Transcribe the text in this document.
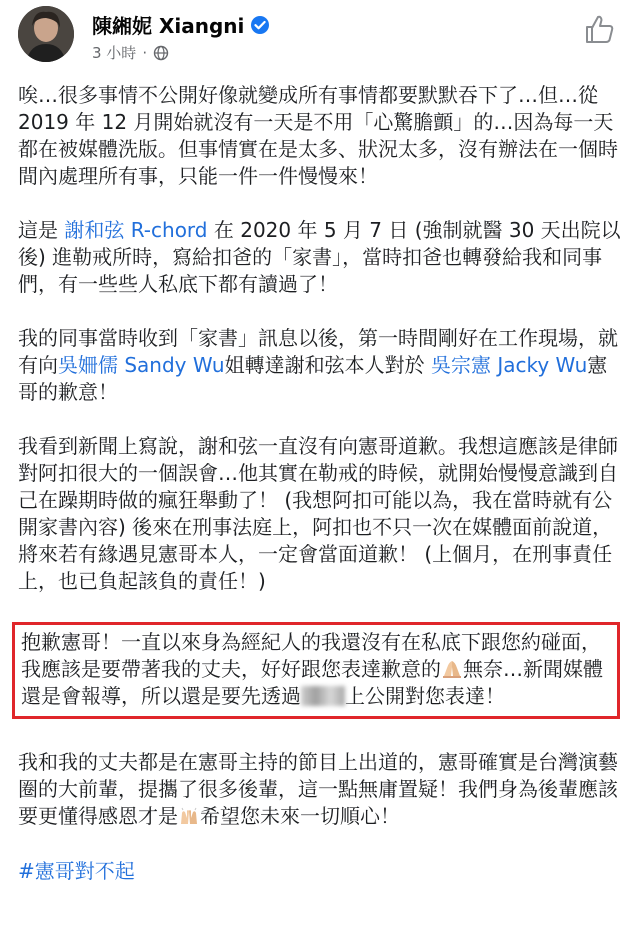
陳緗妮 Xiangni
3 小時 ·

唉…很多事情不公開好像就變成所有事情都要默默吞下了…但…從 2019 年 12 月開始就沒有一天是不用「心驚膽顫」的…因為每一天都在被媒體洗版。但事情實在是太多、狀況太多，沒有辦法在一個時間內處理所有事，只能一件一件慢慢來！

這是 謝和弦 R-chord 在 2020 年 5 月 7 日 (強制就醫 30 天出院以後) 進勒戒所時，寫給扣爸的「家書」，當時扣爸也轉發給我和同事們，有一些些人私底下都有讀過了！

我的同事當時收到「家書」訊息以後，第一時間剛好在工作現場，就有向吳姍儒 Sandy Wu姐轉達謝和弦本人對於 吳宗憲 Jacky Wu憲哥的歉意！

我看到新聞上寫說，謝和弦一直沒有向憲哥道歉。我想這應該是律師對阿扣很大的一個誤會…他其實在勒戒的時候，就開始慢慢意識到自己在躁期時做的瘋狂舉動了！ (我想阿扣可能以為，我在當時就有公開家書內容) 後來在刑事法庭上，阿扣也不只一次在媒體面前說道，將來若有緣遇見憲哥本人，一定會當面道歉！ (上個月，在刑事責任上，也已負起該負的責任！)

抱歉憲哥！一直以來身為經紀人的我還沒有在私底下跟您約碰面，我應該是要帶著我的丈夫，好好跟您表達歉意的 無奈…新聞媒體還是會報導，所以還是要先透過 上公開對您表達！

我和我的丈夫都是在憲哥主持的節目上出道的，憲哥確實是台灣演藝圈的大前輩，提攜了很多後輩，這一點無庸置疑！我們身為後輩應該要更懂得感恩才是 希望您未來一切順心！

#憲哥對不起
